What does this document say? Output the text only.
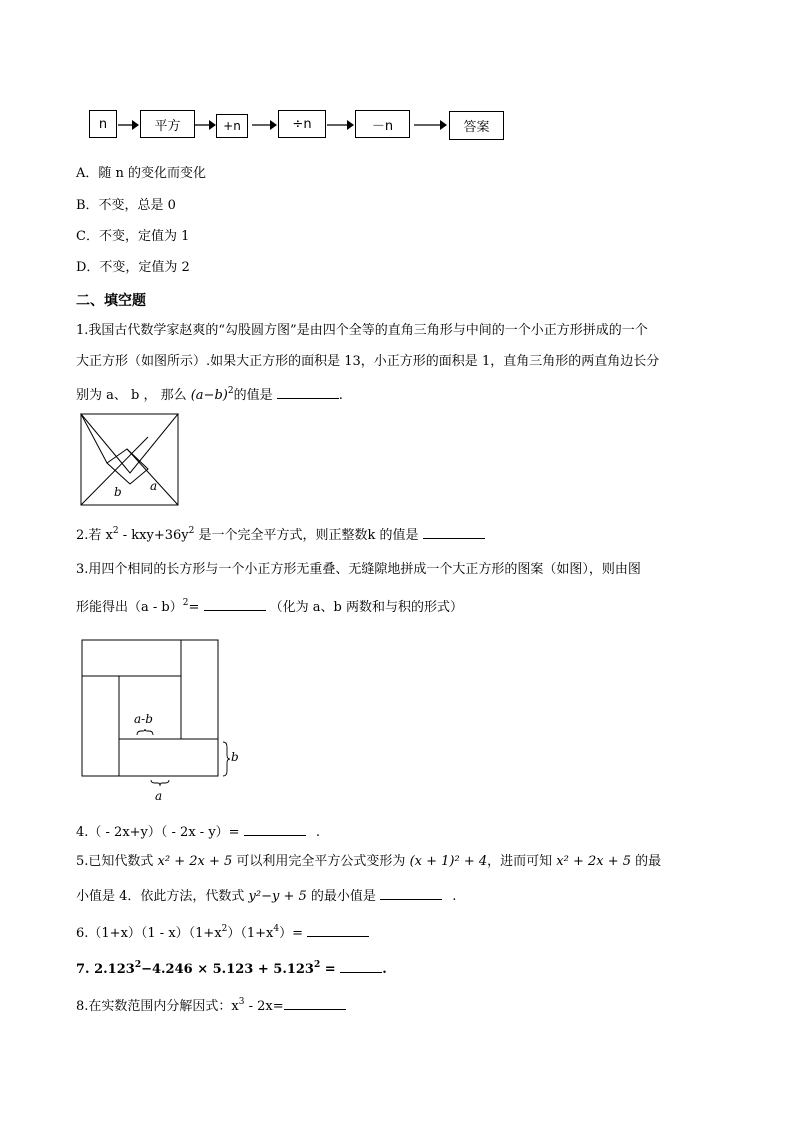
n	平方	+n	÷n	－n	答案
A．随 n 的变化而变化
B．不变，总是 0
C．不变，定值为 1
D．不变，定值为 2
二、填空题
1.我国古代数学家赵爽的“勾股圆方图”是由四个全等的直角三角形与中间的一个小正方形拼成的一个
大正方形（如图所示）.如果大正方形的面积是 13，小正方形的面积是 1，直角三角形的两直角边长分
别为 a、 b ， 那么 $(a-b)^2$的值是	.
b a
2.若 $x^2 - kxy+36y^2$ 是一个完全平方式，则正整数k 的值是
3.用四个相同的长方形与一个小正方形无重叠、无缝隙地拼成一个大正方形的图案（如图），则由图
形能得出（a - b）$^2$=	（化为 a、b 两数和与积的形式）
a-b
b
a
4.（ - 2x+y）（ - 2x - y）=	.
5.已知代数式 x² + 2x + 5 可以利用完全平方公式变形为 (x + 1)² + 4，进而可知 x² + 2x + 5 的最
小值是 4．依此方法，代数式 y²−y + 5 的最小值是	.
$6.(1+x)(1 - x)(1+x^2)(1+x^4)=$
7. $2.123^2-4.246 \times 5.123 + 5.123^2$ =	.
8.在实数范围内分解因式：$x^3 - 2x=$
